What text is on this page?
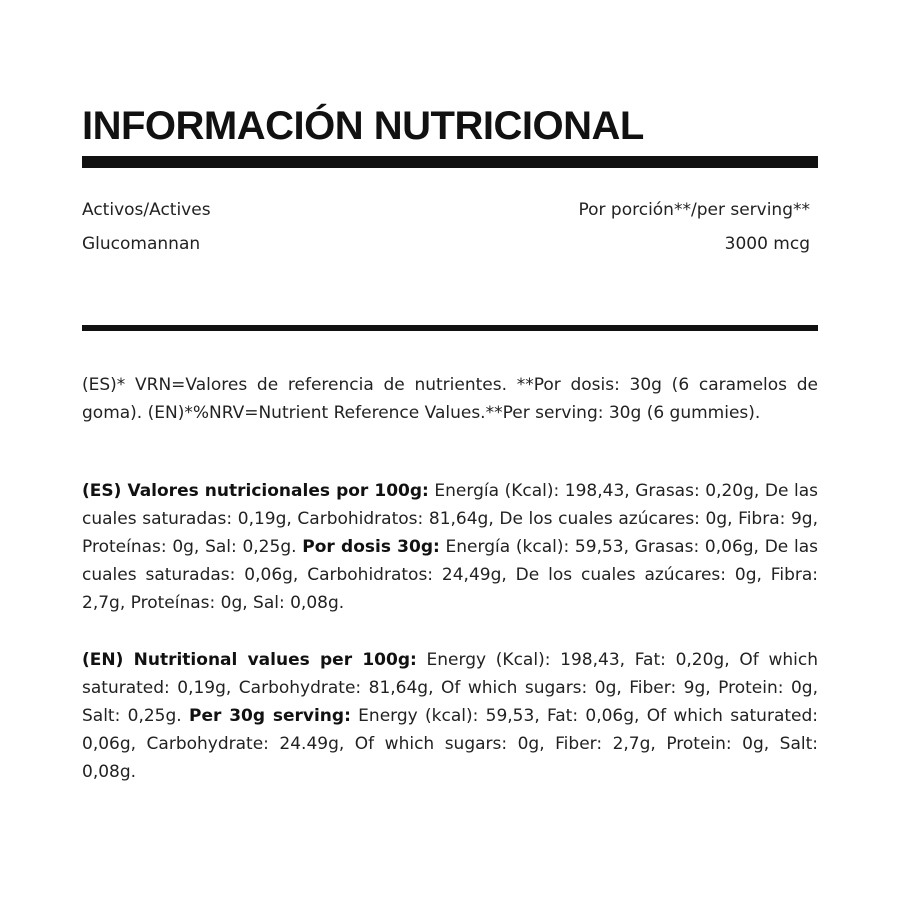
INFORMACIÓN NUTRICIONAL
Activos/Actives	Por porción**/per serving**
Glucomannan	3000 mcg

(ES)* VRN=Valores de referencia de nutrientes. **Por dosis: 30g (6 caramelos de goma). (EN)*%NRV=Nutrient Reference Values.**Per serving: 30g (6 gummies).

(ES) Valores nutricionales por 100g: Energía (Kcal): 198,43, Grasas: 0,20g, De las cuales saturadas: 0,19g, Carbohidratos: 81,64g, De los cuales azúcares: 0g, Fibra: 9g, Proteínas: 0g, Sal: 0,25g. Por dosis 30g: Energía (kcal): 59,53, Grasas: 0,06g, De las cuales saturadas: 0,06g, Carbohidratos: 24,49g, De los cuales azúcares: 0g, Fibra: 2,7g, Proteínas: 0g, Sal: 0,08g.

(EN) Nutritional values per 100g: Energy (Kcal): 198,43, Fat: 0,20g, Of which saturated: 0,19g, Carbohydrate: 81,64g, Of which sugars: 0g, Fiber: 9g, Protein: 0g, Salt: 0,25g. Per 30g serving: Energy (kcal): 59,53, Fat: 0,06g, Of which saturated: 0,06g, Carbohydrate: 24.49g, Of which sugars: 0g, Fiber: 2,7g, Protein: 0g, Salt: 0,08g.
